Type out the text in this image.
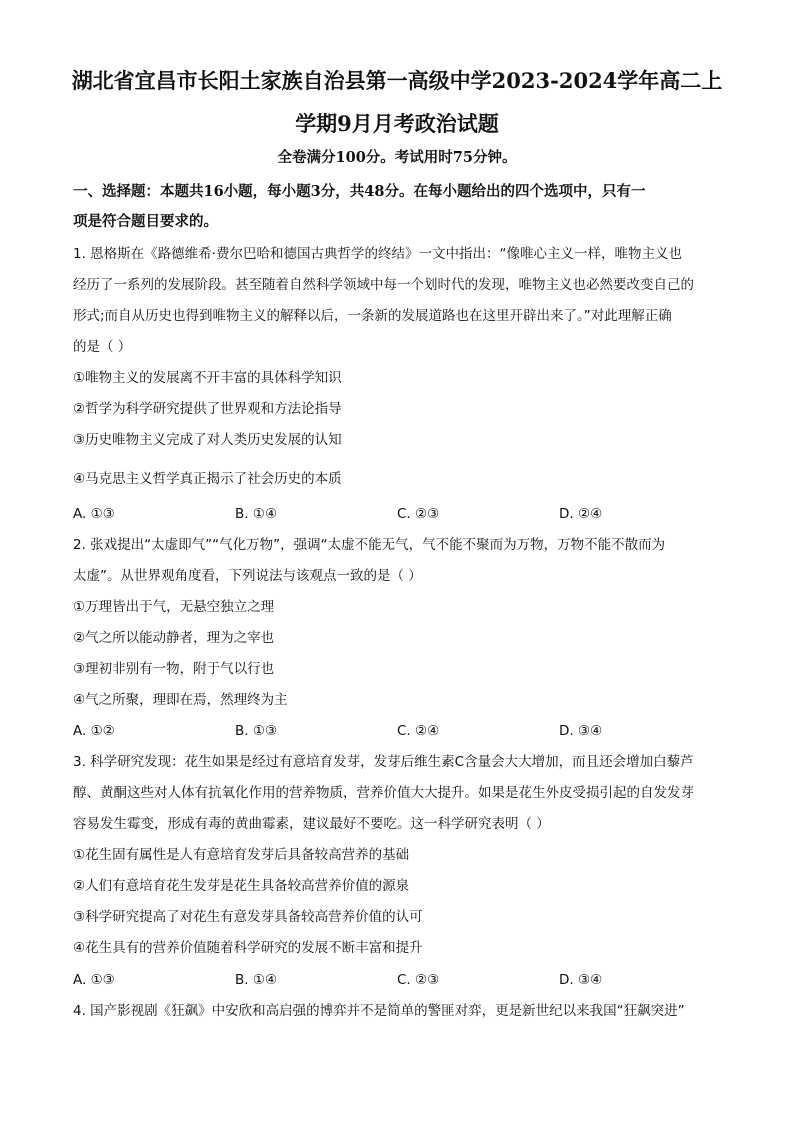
湖北省宜昌市长阳土家族自治县第一高级中学2023-2024学年高二上
学期9月月考政治试题
全卷满分100分。考试用时75分钟。
一、选择题：本题共16小题，每小题3分，共48分。在每小题给出的四个选项中，只有一
项是符合题目要求的。
1. 恩格斯在《路德维希·费尔巴哈和德国古典哲学的终结》一文中指出：“像唯心主义一样，唯物主义也
经历了一系列的发展阶段。甚至随着自然科学领域中每一个划时代的发现，唯物主义也必然要改变自己的
形式;而自从历史也得到唯物主义的解释以后，一条新的发展道路也在这里开辟出来了。”对此理解正确
的是（ ）
①唯物主义的发展离不开丰富的具体科学知识
②哲学为科学研究提供了世界观和方法论指导
③历史唯物主义完成了对人类历史发展的认知
④马克思主义哲学真正揭示了社会历史的本质
A. ①③	B. ①④	C. ②③	D. ②④
2. 张戏提出“太虚即气”“气化万物”，强调“太虚不能无气，气不能不聚而为万物，万物不能不散而为
太虚”。从世界观角度看，下列说法与该观点一致的是（ ）
①万理皆出于气，无悬空独立之理
②气之所以能动静者，理为之宰也
③理初非别有一物，附于气以行也
④气之所聚，理即在焉，然理终为主
A. ①②	B. ①③	C. ②④	D. ③④
3. 科学研究发现：花生如果是经过有意培育发芽，发芽后维生素C含量会大大增加，而且还会增加白藜芦
醇、黄酮这些对人体有抗氧化作用的营养物质，营养价值大大提升。如果是花生外皮受损引起的自发发芽
容易发生霉变，形成有毒的黄曲霉素，建议最好不要吃。这一科学研究表明（ ）
①花生固有属性是人有意培育发芽后具备较高营养的基础
②人们有意培育花生发芽是花生具备较高营养价值的源泉
③科学研究提高了对花生有意发芽具备较高营养价值的认可
④花生具有的营养价值随着科学研究的发展不断丰富和提升
A. ①③	B. ①④	C. ②③	D. ③④
4. 国产影视剧《狂飙》中安欣和高启强的博弈并不是简单的警匪对弈，更是新世纪以来我国“狂飙突进”
